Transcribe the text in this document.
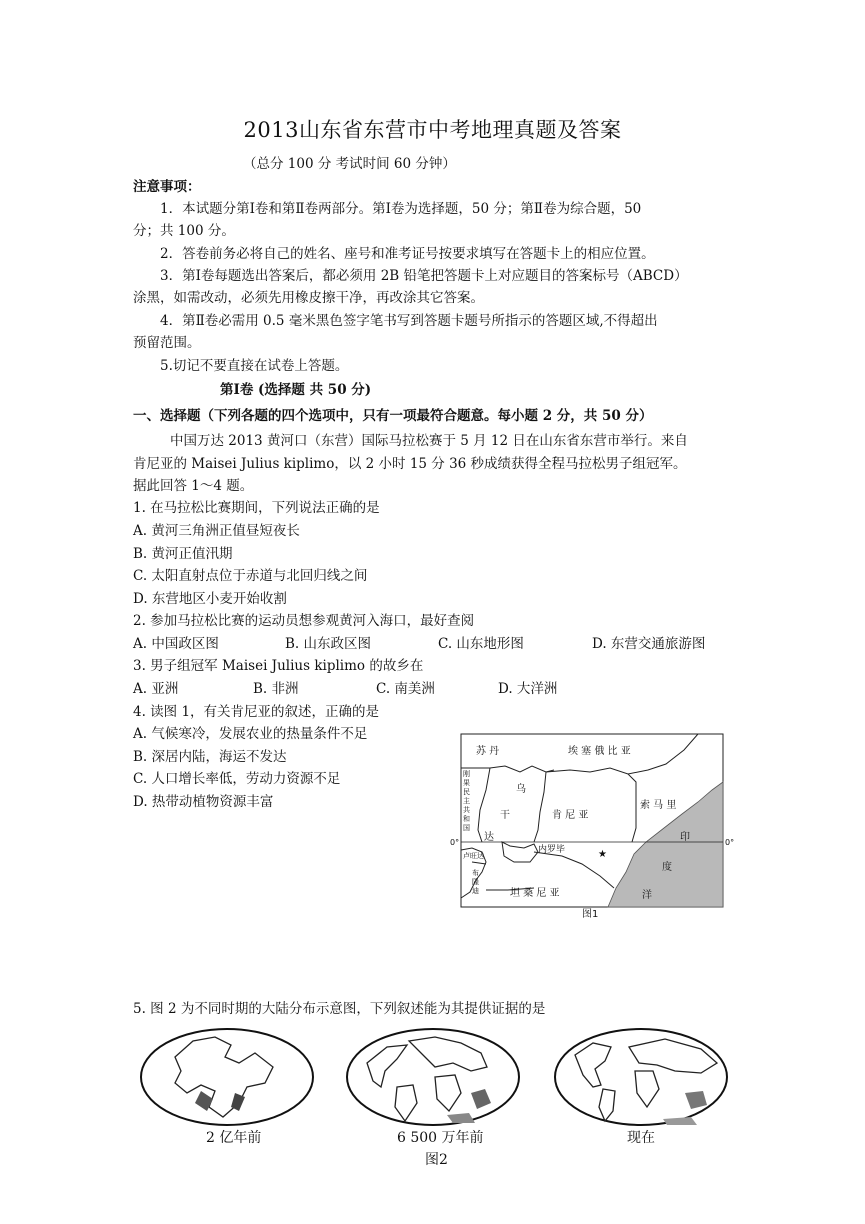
2013山东省东营市中考地理真题及答案
（总分 100 分 考试时间 60 分钟）
注意事项：
1．本试题分第Ⅰ卷和第Ⅱ卷两部分。第Ⅰ卷为选择题，50 分；第Ⅱ卷为综合题，50
分；共 100 分。
2．答卷前务必将自己的姓名、座号和准考证号按要求填写在答题卡上的相应位置。
3．第Ⅰ卷每题选出答案后，都必须用 2B 铅笔把答题卡上对应题目的答案标号（ABCD）
涂黑，如需改动，必须先用橡皮擦干净，再改涂其它答案。
4．第Ⅱ卷必需用 0.5 毫米黑色签字笔书写到答题卡题号所指示的答题区域,不得超出
预留范围。
5.切记不要直接在试卷上答题。
第Ⅰ卷 (选择题 共 50 分)
一、选择题（下列各题的四个选项中，只有一项最符合题意。每小题 2 分，共 50 分）
中国万达 2013 黄河口（东营）国际马拉松赛于 5 月 12 日在山东省东营市举行。来自
肯尼亚的 Maisei Julius kiplimo，以 2 小时 15 分 36 秒成绩获得全程马拉松男子组冠军。
据此回答 1～4 题。
1. 在马拉松比赛期间，下列说法正确的是
A. 黄河三角洲正值昼短夜长
B. 黄河正值汛期
C. 太阳直射点位于赤道与北回归线之间
D. 东营地区小麦开始收割
2. 参加马拉松比赛的运动员想参观黄河入海口，最好查阅
A. 中国政区图	B. 山东政区图	C. 山东地形图	D. 东营交通旅游图
3. 男子组冠军 Maisei Julius kiplimo 的故乡在
A. 亚洲	B. 非洲	C. 南美洲	D. 大洋洲
4. 读图 1，有关肯尼亚的叙述，正确的是
A. 气候寒冷，发展农业的热量条件不足
B. 深居内陆，海运不发达
C. 人口增长率低，劳动力资源不足
D. 热带动植物资源丰富
★
苏 丹	埃 塞 俄 比 亚
索 马 里
乌
干
达
肯 尼 亚
内罗毕
坦 桑 尼 亚
印
度
洋
0°	0°
图1
刚果民主共和国
卢旺达
布隆迪
5. 图 2 为不同时期的大陆分布示意图，下列叙述能为其提供证据的是
2 亿年前	6 500 万年前	现在
图2
